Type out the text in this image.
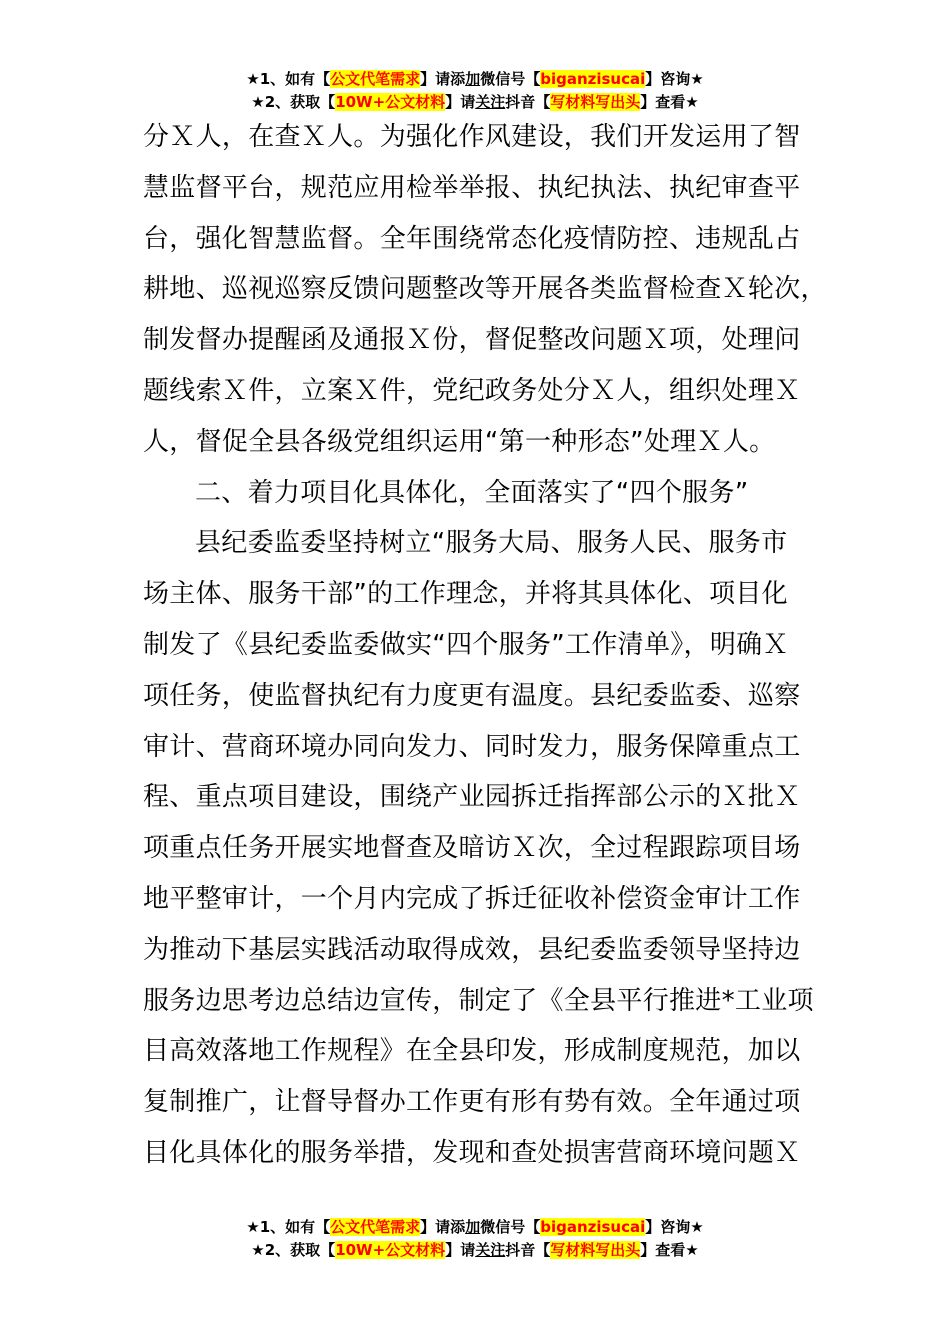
★1、如有【公文代笔需求】请添加微信号【biganzisucai】咨询★
★2、获取【10W+公文材料】请关注抖音【写材料写出头】查看★
分Ｘ人，在查Ｘ人。为强化作风建设，我们开发运用了智
慧监督平台，规范应用检举举报、执纪执法、执纪审查平
台，强化智慧监督。全年围绕常态化疫情防控、违规乱占
耕地、巡视巡察反馈问题整改等开展各类监督检查Ｘ轮次，
制发督办提醒函及通报Ｘ份，督促整改问题Ｘ项，处理问
题线索Ｘ件，立案Ｘ件，党纪政务处分Ｘ人，组织处理Ｘ
人，督促全县各级党组织运用“第一种形态”处理Ｘ人。
二、着力项目化具体化，全面落实了“四个服务”
县纪委监委坚持树立“服务大局、服务人民、服务市
场主体、服务干部”的工作理念，并将其具体化、项目化
制发了《县纪委监委做实“四个服务”工作清单》，明确Ｘ
项任务，使监督执纪有力度更有温度。县纪委监委、巡察
审计、营商环境办同向发力、同时发力，服务保障重点工
程、重点项目建设，围绕产业园拆迁指挥部公示的Ｘ批Ｘ
项重点任务开展实地督查及暗访Ｘ次，全过程跟踪项目场
地平整审计，一个月内完成了拆迁征收补偿资金审计工作
为推动下基层实践活动取得成效，县纪委监委领导坚持边
服务边思考边总结边宣传，制定了《全县平行推进*工业项
目高效落地工作规程》在全县印发，形成制度规范，加以
复制推广，让督导督办工作更有形有势有效。全年通过项
目化具体化的服务举措，发现和查处损害营商环境问题Ｘ
★1、如有【公文代笔需求】请添加微信号【biganzisucai】咨询★
★2、获取【10W+公文材料】请关注抖音【写材料写出头】查看★
